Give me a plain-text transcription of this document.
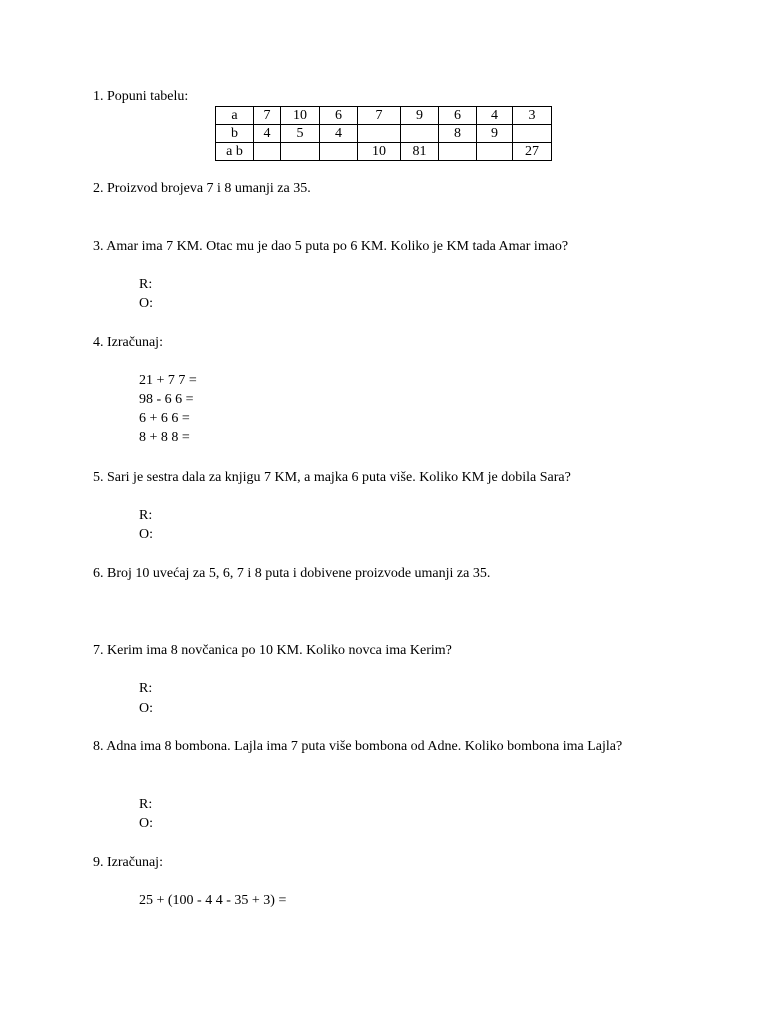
1. Popuni tabelu:
a	7	10	6	7	9	6	4	3
b	4	5	4			8	9	
a b				10	81			27
2. Proizvod brojeva 7 i 8 umanji za 35.
3. Amar ima 7 KM. Otac mu je dao 5 puta po 6 KM. Koliko je KM tada Amar imao?
R:
O:
4. Izračunaj:
21 + 7 7 =
98 - 6 6 =
6 + 6 6 =
8 + 8 8 =
5. Sari je sestra dala za knjigu 7 KM, a majka 6 puta više. Koliko KM je dobila Sara?
R:
O:
6. Broj 10 uvećaj za 5, 6, 7 i 8 puta i dobivene proizvode umanji za 35.
7. Kerim ima 8 novčanica po 10 KM. Koliko novca ima Kerim?
R:
O:
8. Adna ima 8 bombona. Lajla ima 7 puta više bombona od Adne. Koliko bombona ima Lajla?
R:
O:
9. Izračunaj:
25 + (100 - 4 4 - 35 + 3) =
